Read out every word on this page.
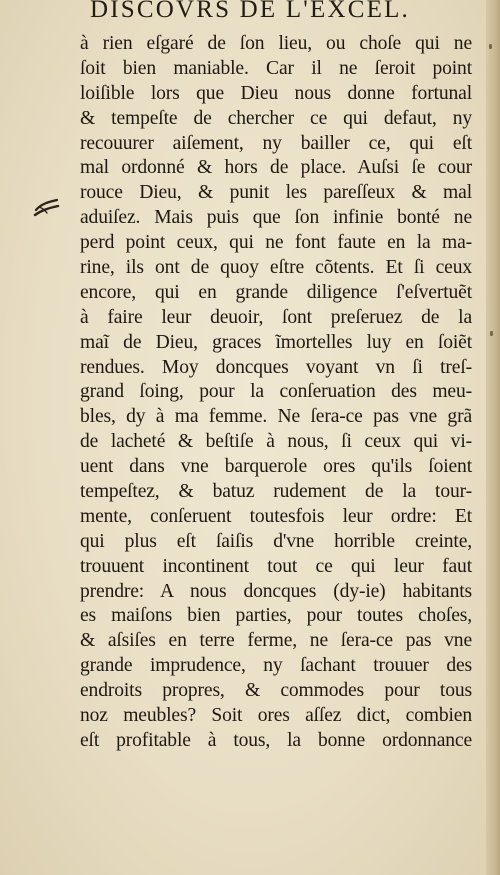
DISCOVRS DE L'EXCEL.
à rien eſgaré de ſon lieu, ou choſe qui ne
ſoit bien maniable. Car il ne ſeroit point
loiſible lors que Dieu nous donne fortunal
& tempeſte de chercher ce qui defaut, ny
recouurer aiſement, ny bailler ce, qui eſt
mal ordonné & hors de place. Auſsi ſe cour
rouce Dieu, & punit les pareſſeux & mal
aduiſez. Mais puis que ſon infinie bonté ne
perd point ceux, qui ne font faute en la ma-
rine, ils ont de quoy eſtre cõtents. Et ſi ceux
encore, qui en grande diligence ſ'eſvertuẽt
à faire leur deuoir, ſont preſeruez de la
maĩ de Dieu, graces ĩmortelles luy en ſoiẽt
rendues. Moy doncques voyant vn ſi treſ-
grand ſoing, pour la conſeruation des meu-
bles, dy à ma femme. Ne ſera-ce pas vne grã
de lacheté & beſtiſe à nous, ſi ceux qui vi-
uent dans vne barquerole ores qu'ils ſoient
tempeſtez, & batuz rudement de la tour-
mente, conſeruent toutesfois leur ordre: Et
qui plus eſt ſaiſis d'vne horrible creinte,
trouuent incontinent tout ce qui leur faut
prendre: A nous doncques (dy-ie) habitants
es maiſons bien parties, pour toutes choſes,
& aſsiſes en terre ferme, ne ſera-ce pas vne
grande imprudence, ny ſachant trouuer des
endroits propres, & commodes pour tous
noz meubles? Soit ores aſſez dict, combien
eſt profitable à tous, la bonne ordonnance
